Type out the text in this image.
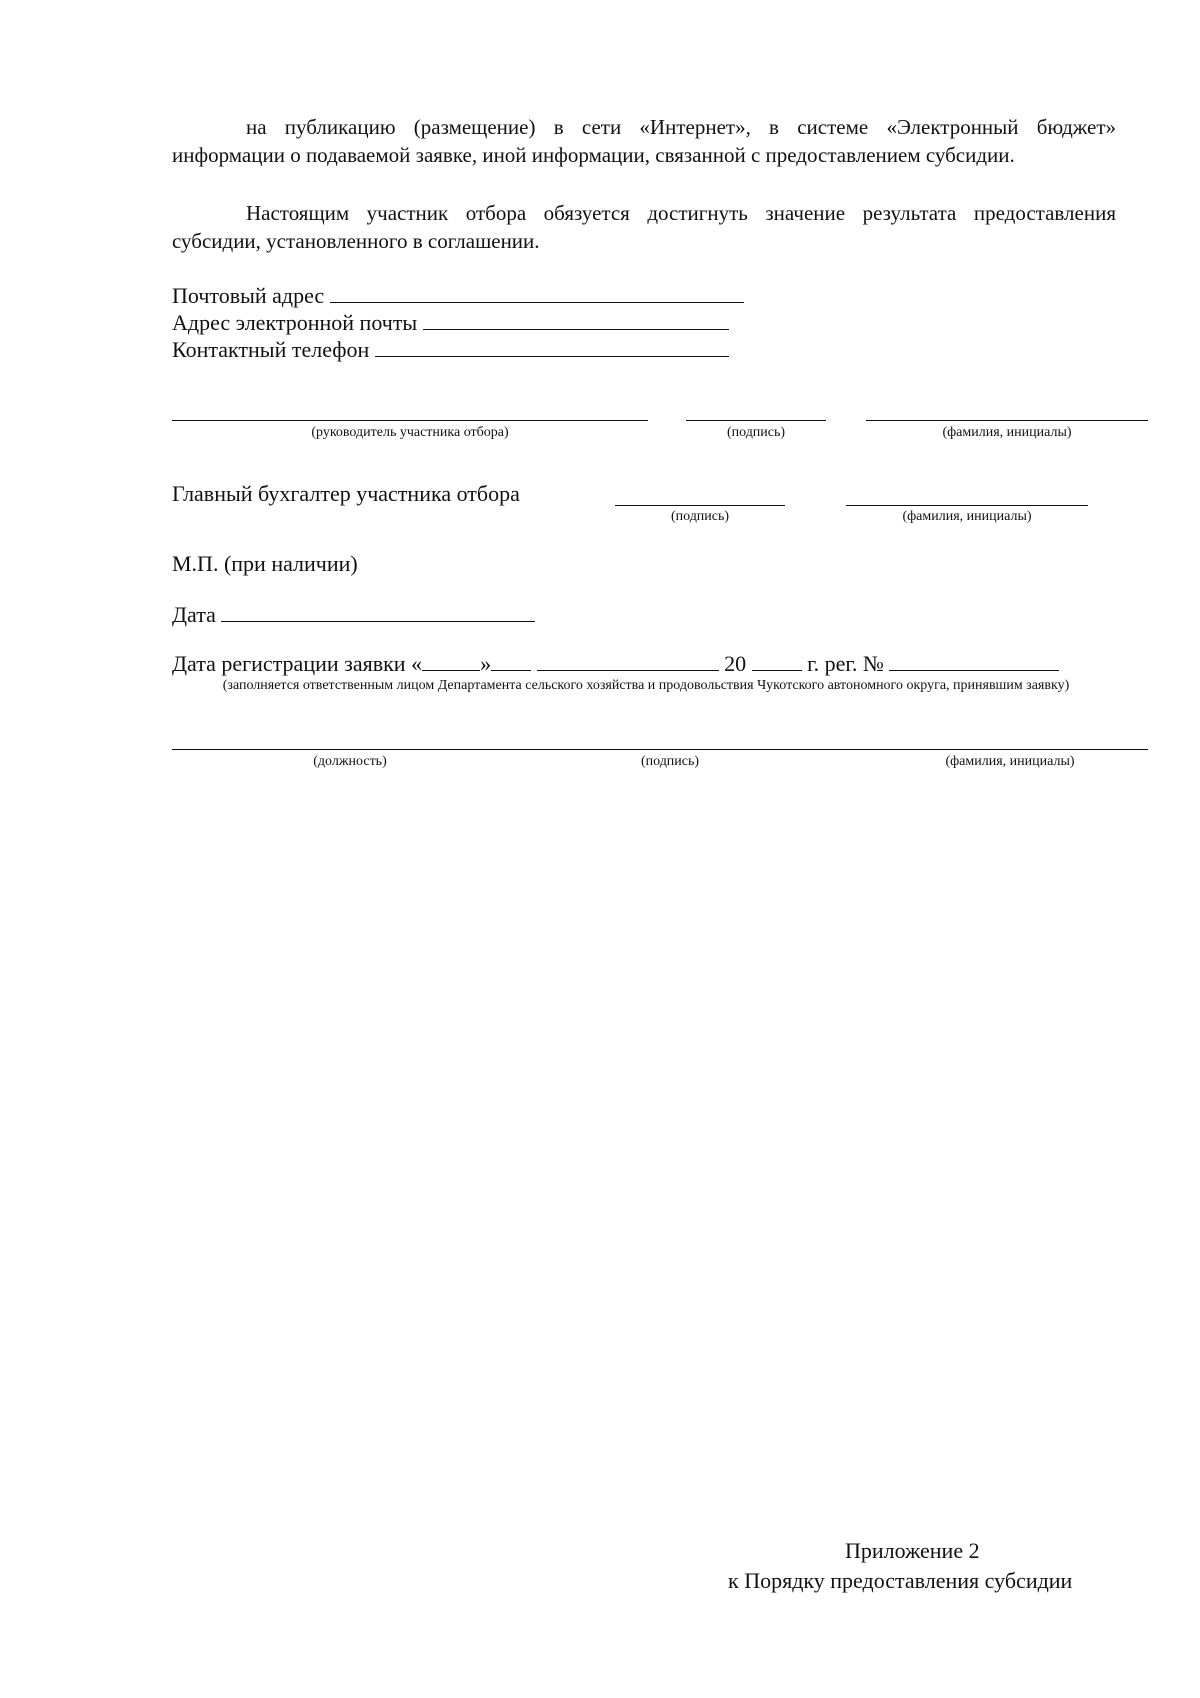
на публикацию (размещение) в сети «Интернет», в системе «Электронный бюджет» информации о подаваемой заявке, иной информации, связанной с предоставлением субсидии.
Настоящим участник отбора обязуется достигнуть значение результата предоставления субсидии, установленного в соглашении.
Почтовый адрес
Адрес электронной почты
Контактный телефон
(руководитель участника отбора)	(подпись)	(фамилия, инициалы)
Главный бухгалтер участника отбора
(подпись)	(фамилия, инициалы)
М.П. (при наличии)
Дата
Дата регистрации заявки «	»	20	г. рег. №
(заполняется ответственным лицом Департамента сельского хозяйства и продовольствия Чукотского автономного округа, принявшим заявку)
(должность)	(подпись)	(фамилия, инициалы)
Приложение 2
к Порядку предоставления субсидии
